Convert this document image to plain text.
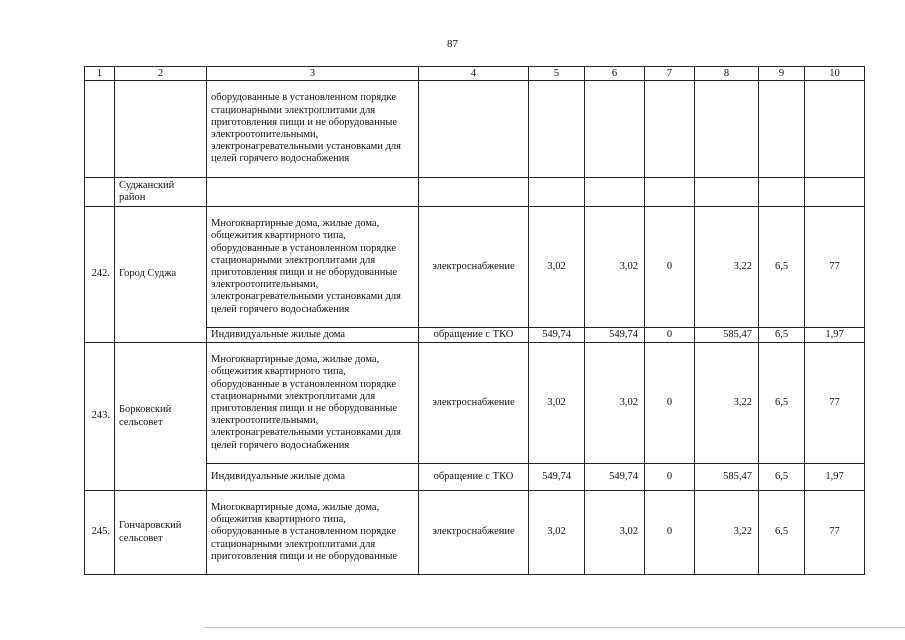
87
1	2	3	4	5	6	7	8	9	10
		оборудованные в установленном порядке стационарными электроплитами для приготовления пищи и не оборудованные электроотопительными, электронагревательными установками для целей горячего водоснабжения							
	Суджанский район								
242.	Город Суджа	Многоквартирные дома, жилые дома, общежития квартирного типа, оборудованные в установленном порядке стационарными электроплитами для приготовления пищи и не оборудованные электроотопительными, электронагревательными установками для целей горячего водоснабжения	электроснабжение	3,02	3,02	0	3,22	6,5	77
		Индивидуальные жилые дома	обращение с ТКО	549,74	549,74	0	585,47	6,5	1,97
243.	Борковский сельсовет	Многоквартирные дома, жилые дома, общежития квартирного типа, оборудованные в установленном порядке стационарными электроплитами для приготовления пищи и не оборудованные электроотопительными, электронагревательными установками для целей горячего водоснабжения	электроснабжение	3,02	3,02	0	3,22	6,5	77
		Индивидуальные жилые дома	обращение с ТКО	549,74	549,74	0	585,47	6,5	1,97
245.	Гончаровский сельсовет	Многоквартирные дома, жилые дома, общежития квартирного типа, оборудованные в установленном порядке стационарными электроплитами для приготовления пищи и не оборудованные	электроснабжение	3,02	3,02	0	3,22	6,5	77
